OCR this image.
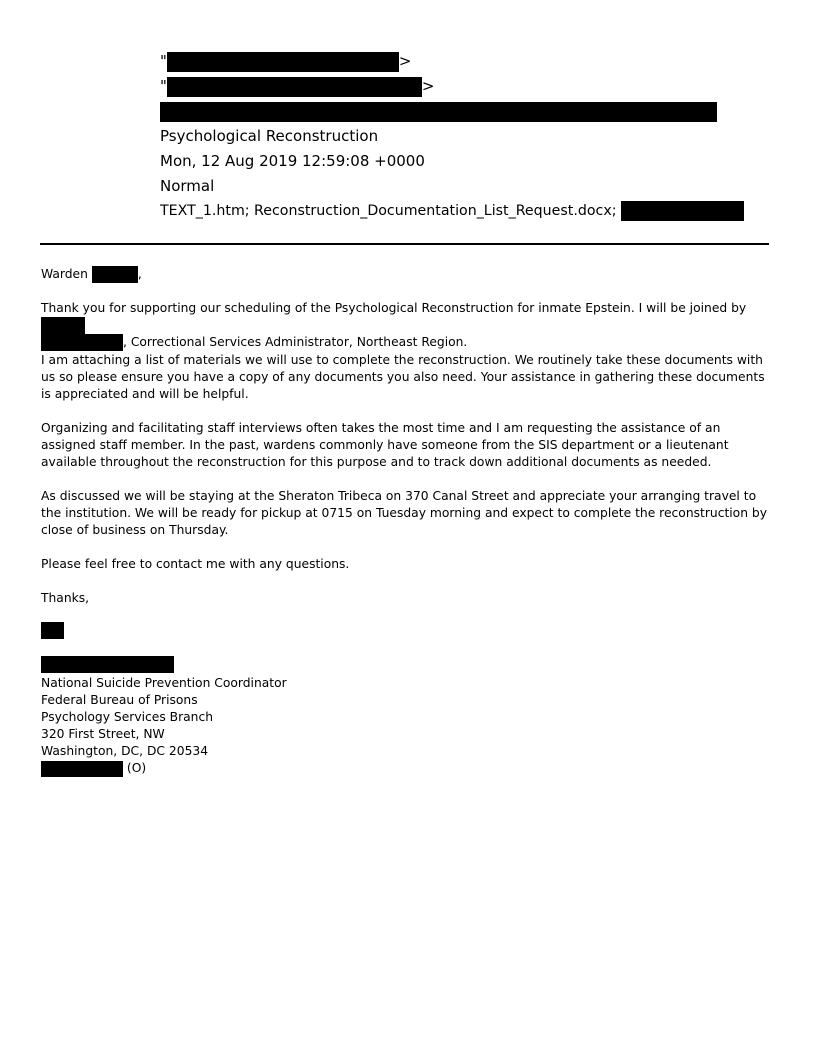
"	>
"	>
Psychological Reconstruction
Mon, 12 Aug 2019 12:59:08 +0000
Normal
TEXT_1.htm; Reconstruction_Documentation_List_Request.docx;
Warden	,
Thank you for supporting our scheduling of the Psychological Reconstruction for inmate Epstein. I will be joined by
, Correctional Services Administrator, Northeast Region.

I am attaching a list of materials we will use to complete the reconstruction. We routinely take these documents with us so please ensure you have a copy of any documents you also need. Your assistance in gathering these documents is appreciated and will be helpful.

Organizing and facilitating staff interviews often takes the most time and I am requesting the assistance of an assigned staff member. In the past, wardens commonly have someone from the SIS department or a lieutenant available throughout the reconstruction for this purpose and to track down additional documents as needed.

As discussed we will be staying at the Sheraton Tribeca on 370 Canal Street and appreciate your arranging travel to the institution. We will be ready for pickup at 0715 on Tuesday morning and expect to complete the reconstruction by close of business on Thursday.

Please feel free to contact me with any questions.

Thanks,

National Suicide Prevention Coordinator
Federal Bureau of Prisons
Psychology Services Branch
320 First Street, NW
Washington, DC, DC 20534
(O)
